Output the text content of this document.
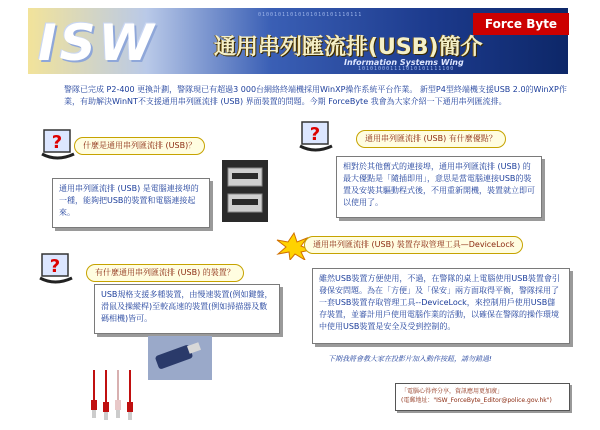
01001011010101010101110111
101010001111010101111100
ISW	通用串列匯流排(USB)簡介
Information Systems Wing
Force Byte
警隊已完成 P2-400 更換計劃，警隊現已有超過3 000台網絡終端機採用WinXP操作系統平台作業。 新型P4型終端機支援USB 2.0的WinXP作業，有助解決WinNT不支援通用串列匯流排 (USB) 界面裝置的問題。今期 ForceByte 我會為大家介紹一下通用串列匯流排。
?	什麼是通用串列匯流排 (USB)？
通用串列匯流排 (USB) 是電腦連接埠的一種，能夠把USB的裝置和電腦連接起來。
?	通用串列匯流排 (USB) 有什麼優點？
相對於其他舊式的連接埠，通用串列匯流排 (USB) 的最大優點是「隨插即用」，意思是當電腦連接USB的裝置及安裝其驅動程式後，不用重新開機，裝置就立即可以使用了。
通用串列匯流排 (USB) 裝置存取管理工具—DeviceLock
雖然USB裝置方便使用，不過，在警隊的桌上電腦使用USB裝置會引發保安問題。為在「方便」及「保安」兩方面取得平衡，警隊採用了一套USB裝置存取管理工具--DeviceLock，來控制用戶使用USB儲存裝置，並審計用戶使用電腦作業的活動，以確保在警隊的操作環境中使用USB裝置是安全及受到控制的。
?	有什麼通用串列匯流排 (USB) 的裝置？
USB規格支援多種裝置，由慢速裝置(例如鍵盤，滑鼠及操縱桿)至較高速的裝置(例如掃描器及數碼相機)皆可。
下期我將會教大家在投影片加入動作按鈕，請勿錯過!
「電腦心得齊分享，資訊應用更加廣」
(電郵地址："ISW_ForceByte_Editor@police.gov.hk")
